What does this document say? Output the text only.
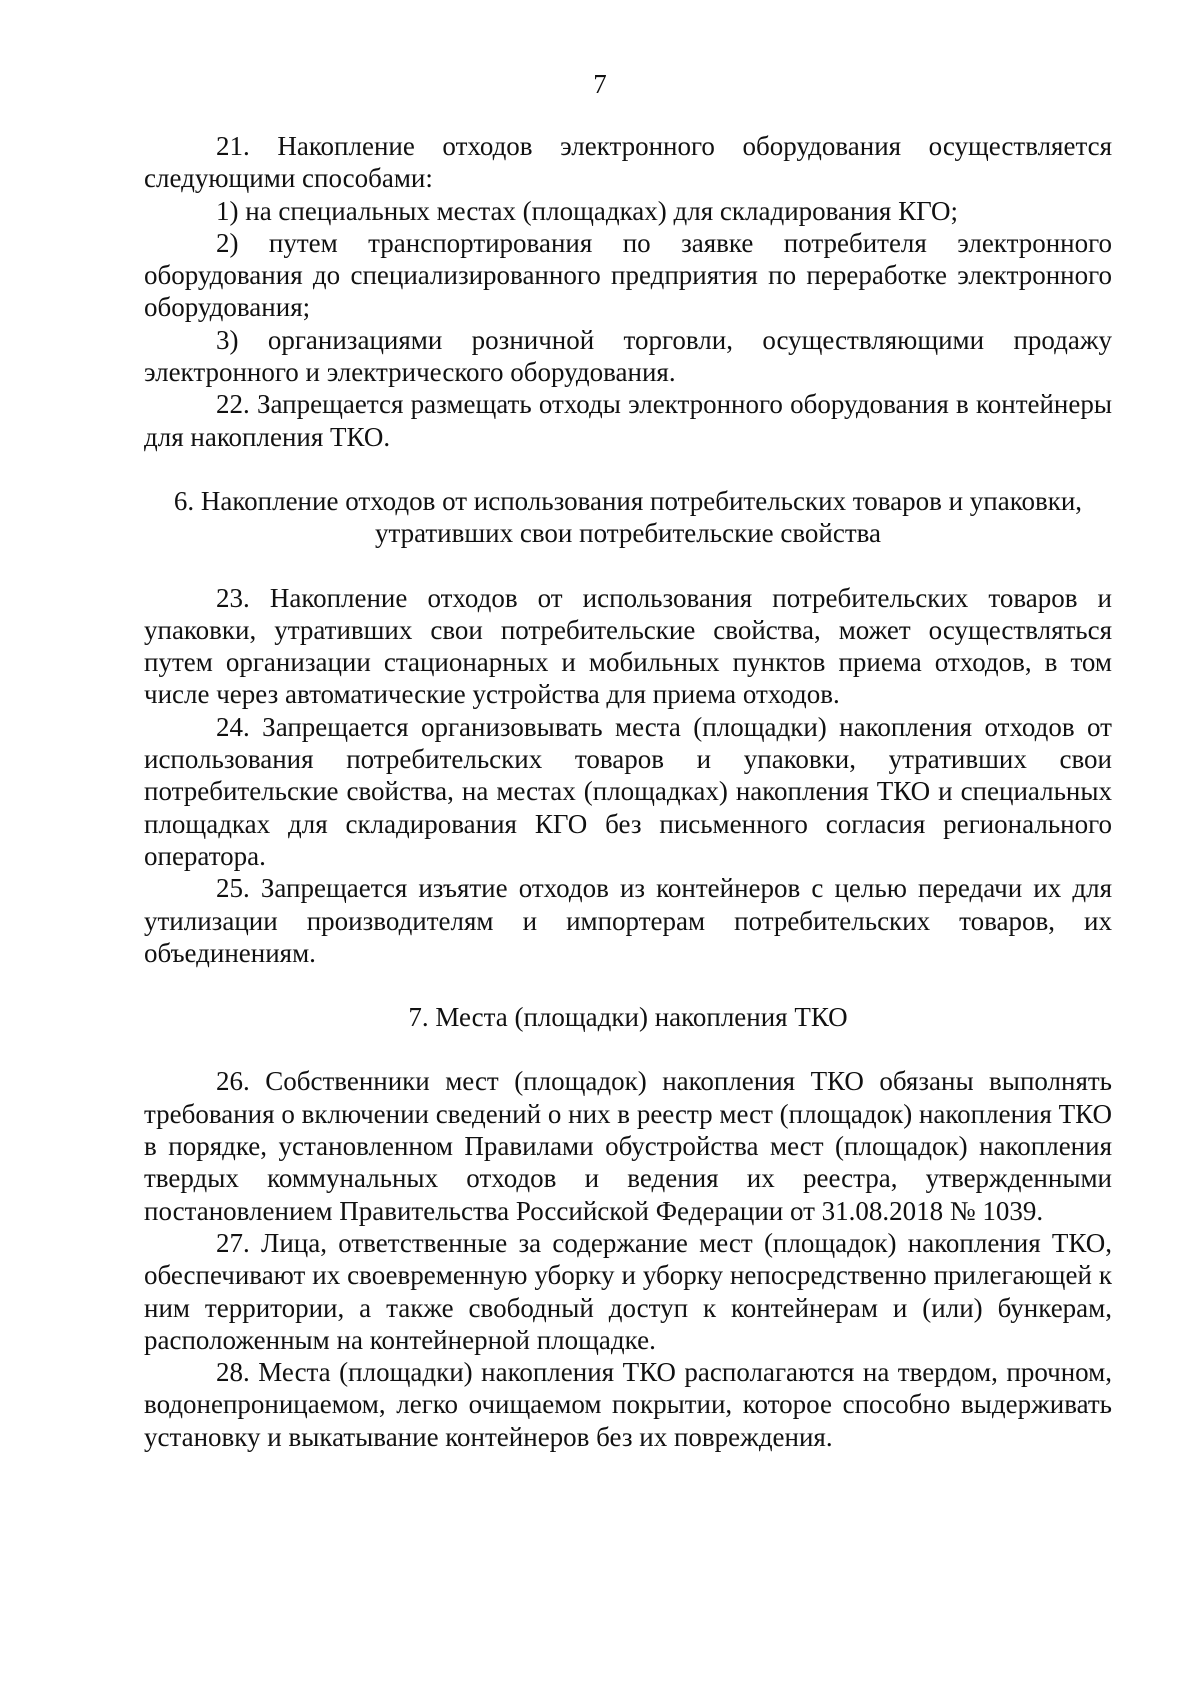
7

21. Накопление отходов электронного оборудования осуществляется следующими способами:

1) на специальных местах (площадках) для складирования КГО;

2) путем транспортирования по заявке потребителя электронного оборудования до специализированного предприятия по переработке электронного оборудования;

3) организациями розничной торговли, осуществляющими продажу электронного и электрического оборудования.

22. Запрещается размещать отходы электронного оборудования в контейнеры для накопления ТКО.

6. Накопление отходов от использования потребительских товаров и упаковки, утративших свои потребительские свойства

23. Накопление отходов от использования потребительских товаров и упаковки, утративших свои потребительские свойства, может осуществляться путем организации стационарных и мобильных пунктов приема отходов, в том числе через автоматические устройства для приема отходов.

24. Запрещается организовывать места (площадки) накопления отходов от использования потребительских товаров и упаковки, утративших свои потребительские свойства, на местах (площадках) накопления ТКО и специальных площадках для складирования КГО без письменного согласия регионального оператора.

25. Запрещается изъятие отходов из контейнеров с целью передачи их для утилизации производителям и импортерам потребительских товаров, их объединениям.

7. Места (площадки) накопления ТКО

26. Собственники мест (площадок) накопления ТКО обязаны выполнять требования о включении сведений о них в реестр мест (площадок) накопления ТКО в порядке, установленном Правилами обустройства мест (площадок) накопления твердых коммунальных отходов и ведения их реестра, утвержденными постановлением Правительства Российской Федерации от 31.08.2018 № 1039.

27. Лица, ответственные за содержание мест (площадок) накопления ТКО, обеспечивают их своевременную уборку и уборку непосредственно прилегающей к ним территории, а также свободный доступ к контейнерам и (или) бункерам, расположенным на контейнерной площадке.

28. Места (площадки) накопления ТКО располагаются на твердом, прочном, водонепроницаемом, легко очищаемом покрытии, которое способно выдерживать установку и выкатывание контейнеров без их повреждения.
